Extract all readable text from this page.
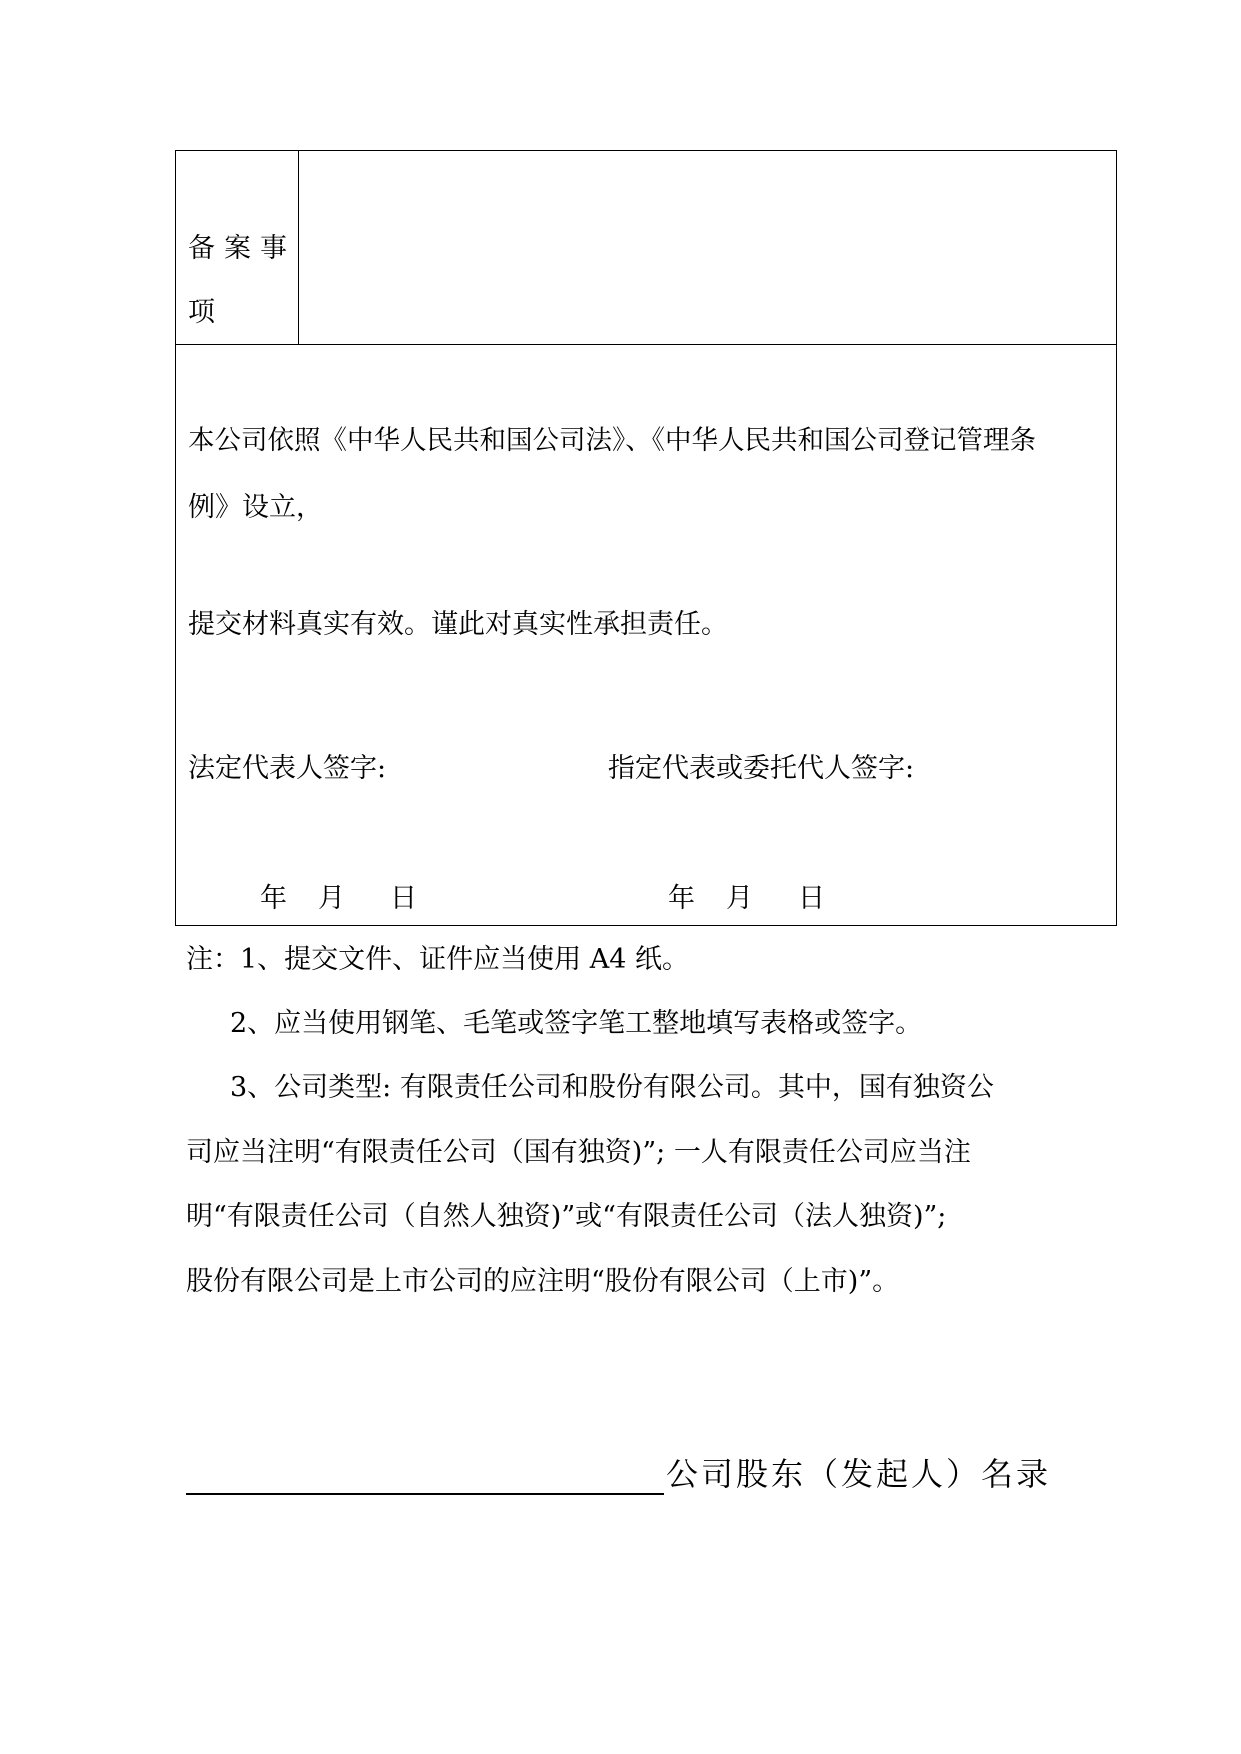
备案事
项
本公司依照《中华人民共和国公司法》、《中华人民共和国公司登记管理条
例》设立，
提交材料真实有效。谨此对真实性承担责任。
法定代表人签字:	指定代表或委托代人签字:
年 月 日	年 月 日
注：1、提交文件、证件应当使用 A4 纸。
2、应当使用钢笔、毛笔或签字笔工整地填写表格或签字。
3、公司类型: 有限责任公司和股份有限公司。其中，国有独资公
司应当注明“有限责任公司（国有独资)”; 一人有限责任公司应当注
明“有限责任公司（自然人独资)”或“有限责任公司（法人独资)”;
股份有限公司是上市公司的应注明“股份有限公司（上市)”。
公司股东（发起人）名录
